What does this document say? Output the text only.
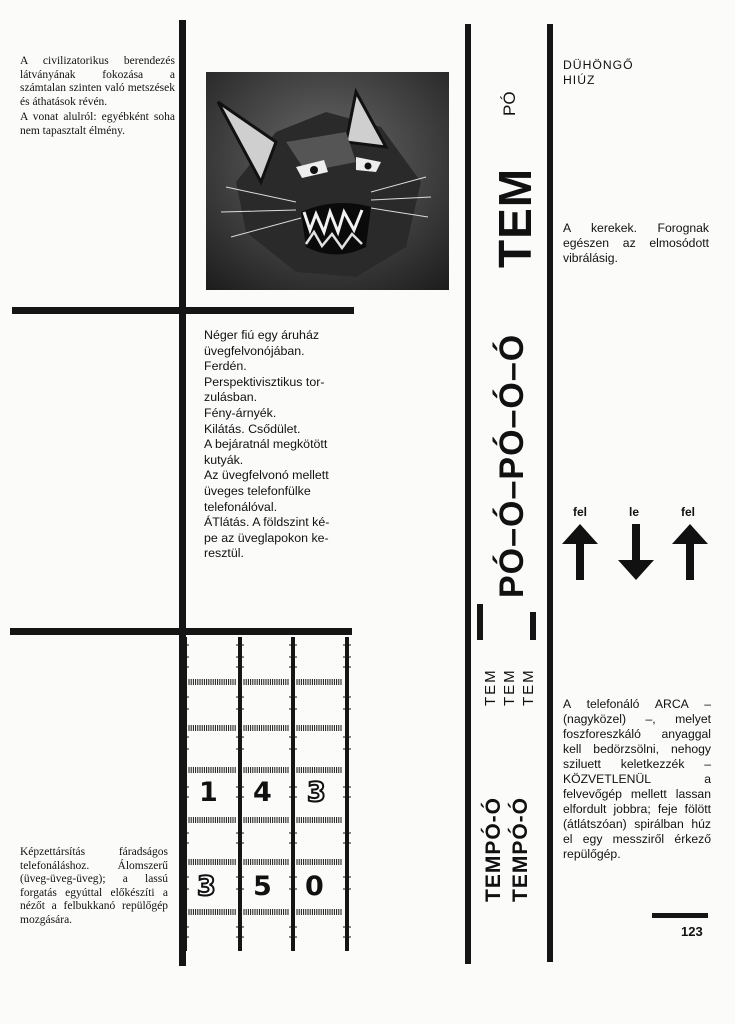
A civilizatorikus berendezés látványának fokozása a számtalan szinten való metszések és áthatások révén.

A vonat alulról: egyébként soha nem tapasztalt élmény.

Képzettársítás fáradságos telefonáláshoz. Álomszerű (üveg-üveg-üveg); a lassú forgatás egyúttal előkészíti a nézőt a felbukkanó repülőgép mozgására.

Néger fiú egy áruház
üvegfelvonójában.
Ferdén.
Perspektivisztikus tor-
zulásban.
Fény-árnyék.
Kilátás. Csődület.
A bejáratnál megkötött
kutyák.
Az üvegfelvonó mellett
üveges telefonfülke
telefonálóval.
ÁTlátás. A földszint ké-
pe az üveglapokon ke-
resztül.
1 4 3
3 5 0
TEM
PÓ
PÓ–Ó–PÓ–Ó–Ó
TEM TEM TEM
TEMPÓ-Ó TEMPÓ-Ó
DÜHÖNGŐ
HIÚZ
A kerekek. Forognak egészen az elmosódott vibrálásig.
fel	le	fel
A telefonáló ARCA – (nagyközel) –, melyet foszforeszkáló anyaggal kell bedörzsölni, nehogy sziluett keletkezzék – KÖZVETLENÜL a felvevőgép mellett lassan elfordult jobbra; feje fölött (átlátszóan) spirálban húz el egy messziről érkező repülőgép.
123
